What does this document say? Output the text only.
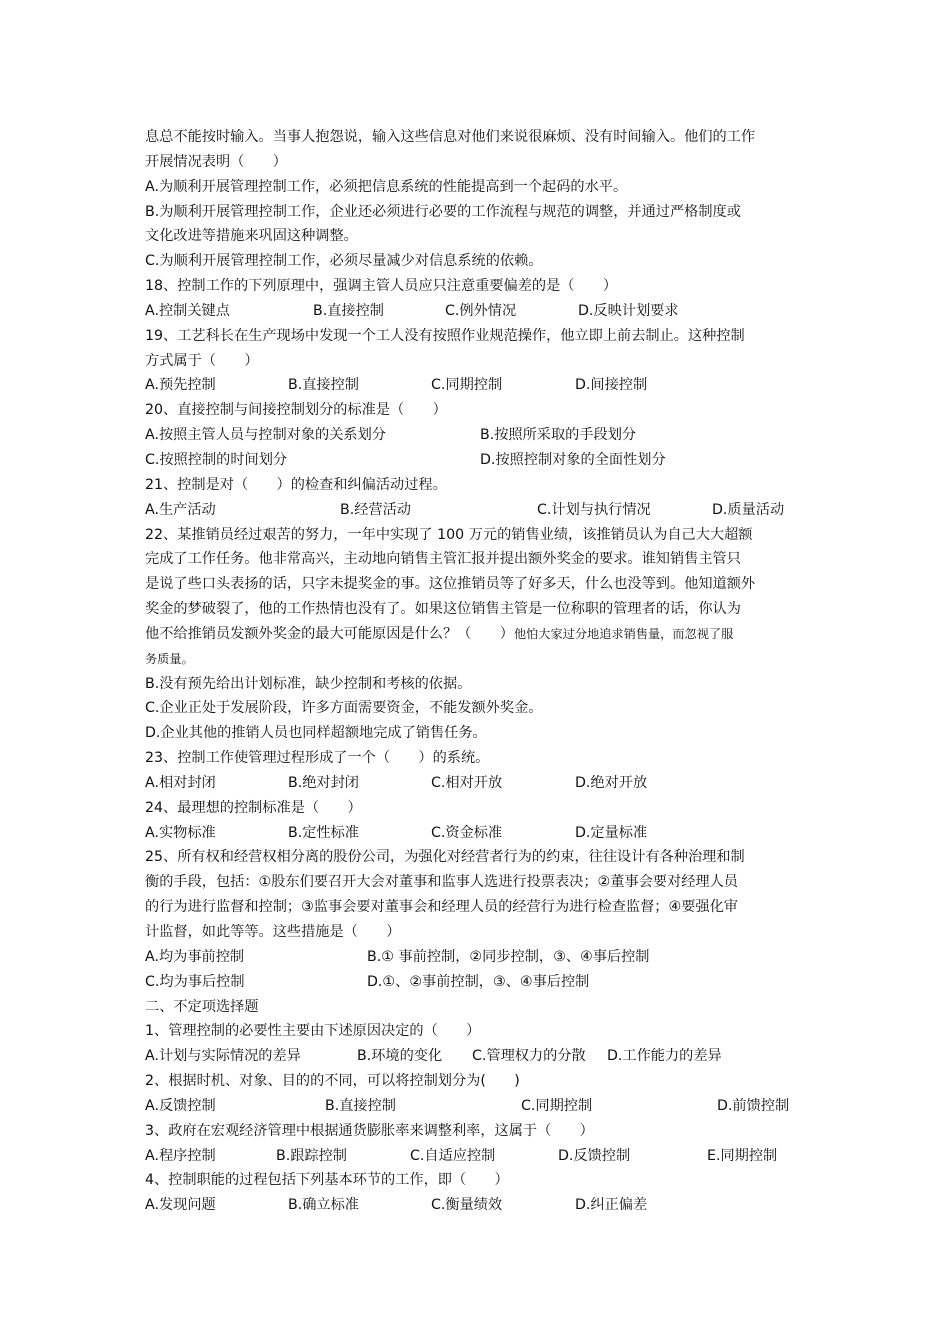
息总不能按时输入。当事人抱怨说，输入这些信息对他们来说很麻烦、没有时间输入。他们的工作
开展情况表明（　　）
A.为顺利开展管理控制工作，必须把信息系统的性能提高到一个起码的水平。
B.为顺利开展管理控制工作，企业还必须进行必要的工作流程与规范的调整，并通过严格制度或
文化改进等措施来巩固这种调整。
C.为顺利开展管理控制工作，必须尽量减少对信息系统的依赖。
18、控制工作的下列原理中，强调主管人员应只注意重要偏差的是（　　）
A.控制关键点	B.直接控制	C.例外情况	D.反映计划要求
19、工艺科长在生产现场中发现一个工人没有按照作业规范操作，他立即上前去制止。这种控制
方式属于（　　）
A.预先控制	B.直接控制	C.同期控制	D.间接控制
20、直接控制与间接控制划分的标准是（　　）
A.按照主管人员与控制对象的关系划分	B.按照所采取的手段划分
C.按照控制的时间划分	D.按照控制对象的全面性划分
21、控制是对（　　）的检查和纠偏活动过程。
A.生产活动	B.经营活动	C.计划与执行情况	D.质量活动
22、某推销员经过艰苦的努力，一年中实现了 100 万元的销售业绩，该推销员认为自己大大超额
完成了工作任务。他非常高兴，主动地向销售主管汇报并提出额外奖金的要求。谁知销售主管只
是说了些口头表扬的话，只字未提奖金的事。这位推销员等了好多天，什么也没等到。他知道额外
奖金的梦破裂了，他的工作热情也没有了。如果这位销售主管是一位称职的管理者的话，你认为
他不给推销员发额外奖金的最大可能原因是什么？（　　）他怕大家过分地追求销售量，而忽视了服
务质量。
B.没有预先给出计划标准，缺少控制和考核的依据。
C.企业正处于发展阶段，许多方面需要资金，不能发额外奖金。
D.企业其他的推销人员也同样超额地完成了销售任务。
23、控制工作使管理过程形成了一个（　　）的系统。
A.相对封闭	B.绝对封闭	C.相对开放	D.绝对开放
24、最理想的控制标准是（　　）
A.实物标准	B.定性标准	C.资金标准	D.定量标准
25、所有权和经营权相分离的股份公司，为强化对经营者行为的约束，往往设计有各种治理和制
衡的手段，包括：①股东们要召开大会对董事和监事人选进行投票表决；②董事会要对经理人员
的行为进行监督和控制；③监事会要对董事会和经理人员的经营行为进行检查监督；④要强化审
计监督，如此等等。这些措施是（　　）
A.均为事前控制	B.① 事前控制，②同步控制，③、④事后控制
C.均为事后控制	D.①、②事前控制，③、④事后控制
二、不定项选择题
1、管理控制的必要性主要由下述原因决定的（　　）
A.计划与实际情况的差异	B.环境的变化 C.管理权力的分散 D.工作能力的差异
2、根据时机、对象、目的的不同，可以将控制划分为(　　)
A.反馈控制	B.直接控制	C.同期控制	D.前馈控制
3、政府在宏观经济管理中根据通货膨胀率来调整利率，这属于（　　）
A.程序控制	B.跟踪控制	C.自适应控制	D.反馈控制	E.同期控制
4、控制职能的过程包括下列基本环节的工作，即（　　）
A.发现问题	B.确立标准	C.衡量绩效	D.纠正偏差
